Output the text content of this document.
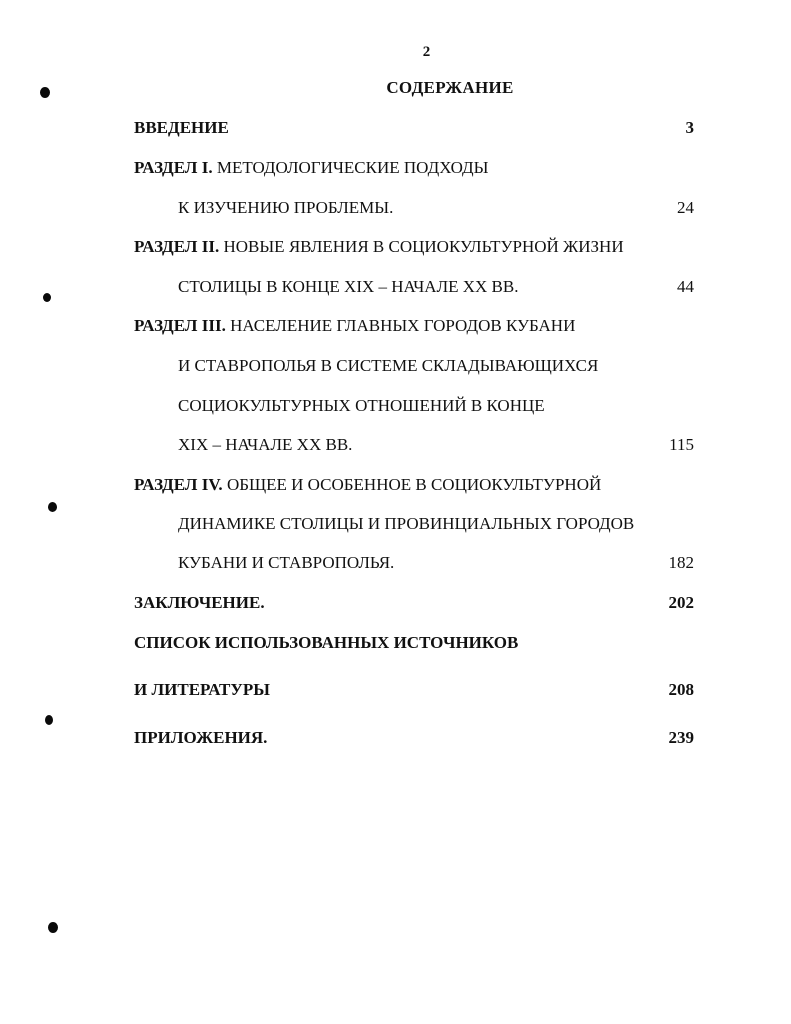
2
СОДЕРЖАНИЕ
ВВЕДЕНИЕ	3
РАЗДЕЛ I. МЕТОДОЛОГИЧЕСКИЕ ПОДХОДЫ
К ИЗУЧЕНИЮ ПРОБЛЕМЫ.	24
РАЗДЕЛ II. НОВЫЕ ЯВЛЕНИЯ В СОЦИОКУЛЬТУРНОЙ ЖИЗНИ
СТОЛИЦЫ В КОНЦЕ XIX – НАЧАЛЕ XX ВВ.	44
РАЗДЕЛ III. НАСЕЛЕНИЕ ГЛАВНЫХ ГОРОДОВ КУБАНИ
И СТАВРОПОЛЬЯ В СИСТЕМЕ СКЛАДЫВАЮЩИХСЯ
СОЦИОКУЛЬТУРНЫХ ОТНОШЕНИЙ В КОНЦЕ
XIX – НАЧАЛЕ XX ВВ.	115
РАЗДЕЛ IV. ОБЩЕЕ И ОСОБЕННОЕ В СОЦИОКУЛЬТУРНОЙ
ДИНАМИКЕ СТОЛИЦЫ И ПРОВИНЦИАЛЬНЫХ ГОРОДОВ
КУБАНИ И СТАВРОПОЛЬЯ.	182
ЗАКЛЮЧЕНИЕ.	202
СПИСОК ИСПОЛЬЗОВАННЫХ ИСТОЧНИКОВ
И ЛИТЕРАТУРЫ	208
ПРИЛОЖЕНИЯ.	239
